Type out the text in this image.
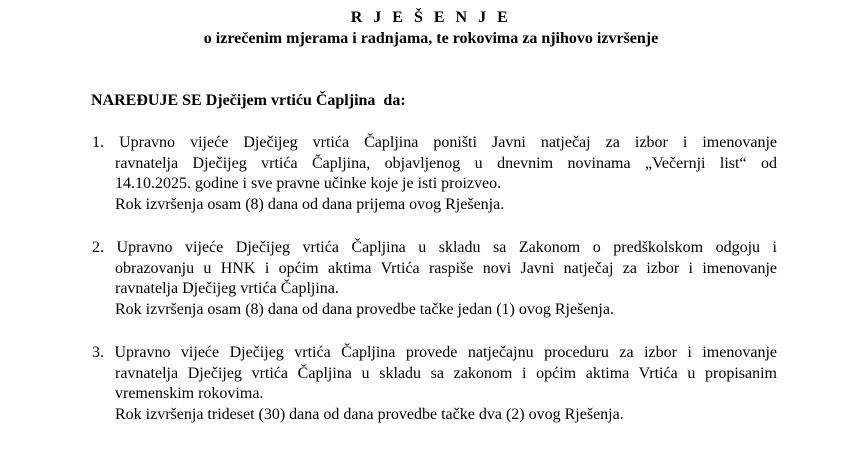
R J E Š E N J E
o izrečenim mjerama i radnjama, te rokovima za njihovo izvršenje
NAREĐUJE SE Dječijem vrtiću Čapljina  da:
1. Upravno vijeće Dječijeg vrtića Čapljina poništi Javni natječaj za izbor i imenovanje
ravnatelja Dječijeg vrtića Čapljina, objavljenog u dnevnim novinama „Večernji list“ od
14.10.2025. godine i sve pravne učinke koje je isti proizveo.
Rok izvršenja osam (8) dana od dana prijema ovog Rješenja.
2. Upravno vijeće Dječijeg vrtića Čapljina u skladu sa Zakonom o predškolskom odgoju i
obrazovanju u HNK i općim aktima Vrtića raspiše novi Javni natječaj za izbor i imenovanje
ravnatelja Dječijeg vrtića Čapljina.
Rok izvršenja osam (8) dana od dana provedbe tačke jedan (1) ovog Rješenja.
3. Upravno vijeće Dječijeg vrtića Čapljina provede natječajnu proceduru za izbor i imenovanje
ravnatelja Dječijeg vrtića Čapljina u skladu sa zakonom i općim aktima Vrtića u propisanim
vremenskim rokovima.
Rok izvršenja trideset (30) dana od dana provedbe tačke dva (2) ovog Rješenja.
